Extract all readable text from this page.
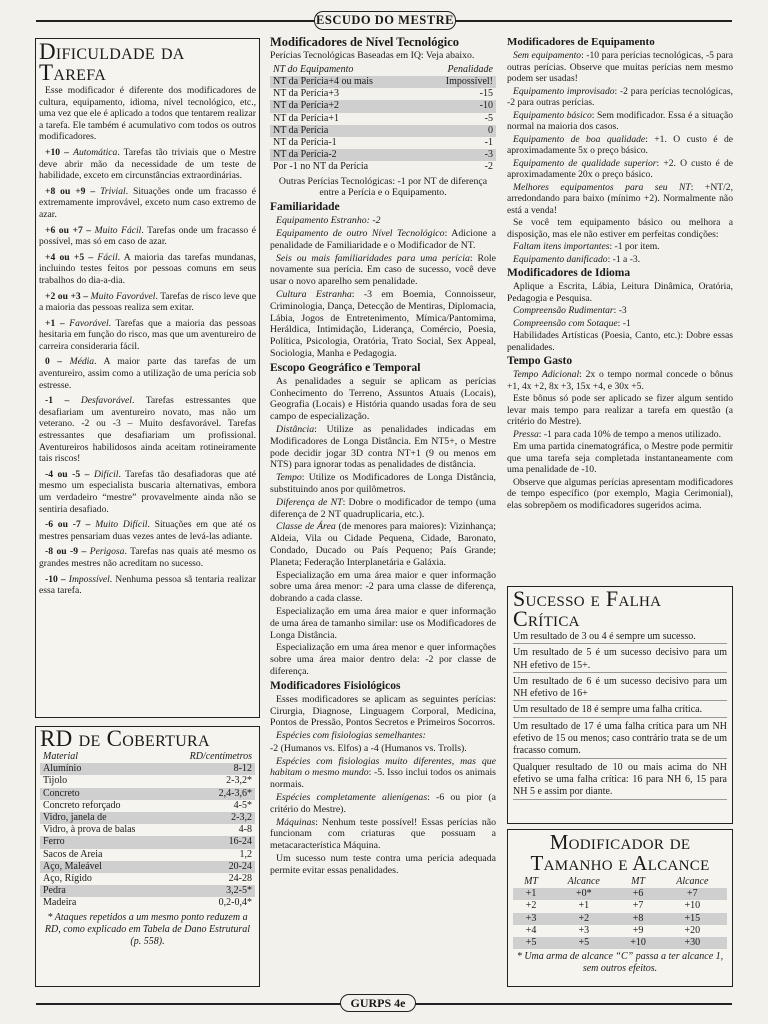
ESCUDO DO MESTRE
GURPS 4e
Dificuldade da Tarefa

Esse modificador é diferente dos modificadores de cultura, equipamento, idioma, nível tecnológico, etc., uma vez que ele é aplicado a todos que tentarem realizar a tarefa. Ele também é acumulativo com todos os outros modificadores.

+10 – Automática. Tarefas tão triviais que o Mestre deve abrir mão da necessidade de um teste de habilidade, exceto em circunstâncias extraordinárias.

+8 ou +9 – Trivial. Situações onde um fracasso é extremamente improvável, exceto num caso extremo de azar.

+6 ou +7 – Muito Fácil. Tarefas onde um fracasso é possível, mas só em caso de azar.

+4 ou +5 – Fácil. A maioria das tarefas mundanas, incluindo testes feitos por pessoas comuns em seus trabalhos do dia-a-dia.

+2 ou +3 – Muito Favorável. Tarefas de risco leve que a maioria das pessoas realiza sem exitar.

+1 – Favorável. Tarefas que a maioria das pessoas hesitaria em função do risco, mas que um aventureiro de carreira consideraria fácil.

0 – Média. A maior parte das tarefas de um aventureiro, assim como a utilização de uma perícia sob estresse.

-1 – Desfavorável. Tarefas estressantes que desafiariam um aventureiro novato, mas não um veterano. -2 ou -3 – Muito desfavorável. Tarefas estressantes que desafiariam um profissional. Aventureiros habilidosos ainda aceitam rotineiramente tais riscos!

-4 ou -5 – Difícil. Tarefas tão desafiadoras que até mesmo um especialista buscaria alternativas, embora um verdadeiro “mestre” provavelmente ainda não se sentiria desafiado.

-6 ou -7 – Muito Difícil. Situações em que até os mestres pensariam duas vezes antes de levá-las adiante.

-8 ou -9 – Perigosa. Tarefas nas quais até mesmo os grandes mestres não acreditam no sucesso.

-10 – Impossível. Nenhuma pessoa sã tentaria realizar essa tarefa.

RD de Cobertura
Material	RD/centímetros
Alumínio	8-12
Tijolo	2-3,2*
Concreto	2,4-3,6*
Concreto reforçado	4-5*
Vidro, janela de	2-3,2
Vidro, à prova de balas	4-8
Ferro	16-24
Sacos de Areia	1,2
Aço, Maleável	20-24
Aço, Rígido	24-28
Pedra	3,2-5*
Madeira	0,2-0,4*
* Ataques repetidos a um mesmo ponto reduzem a RD, como explicado em Tabela de Dano Estrutural (p. 558).
Modificadores de Nível Tecnológico
Perícias Tecnológicas Baseadas em IQ: Veja abaixo.
NT do Equipamento	Penalidade
NT da Perícia+4 ou mais	Impossível!
NT da Perícia+3	-15
NT da Perícia+2	-10
NT da Perícia+1	-5
NT da Perícia	0
NT da Perícia-1	-1
NT da Perícia-2	-3
Por -1 no NT da Perícia	-2

Outras Perícias Tecnológicas: -1 por NT de diferença entre a Perícia e o Equipamento.

Familiaridade

Equipamento Estranho: -2

Equipamento de outro Nível Tecnológico: Adicione a penalidade de Familiaridade e o Modificador de NT.

Seis ou mais familiaridades para uma perícia: Role novamente sua perícia. Em caso de sucesso, você deve usar o novo aparelho sem penalidade.

Cultura Estranha: -3 em Boemia, Connoisseur, Criminologia, Dança, Detecção de Mentiras, Diplomacia, Lábia, Jogos de Entretenimento, Mímica/Pantomima, Heráldica, Intimidação, Liderança, Comércio, Poesia, Política, Psicologia, Oratória, Trato Social, Sex Appeal, Sociologia, Manha e Pedagogia.

Escopo Geográfico e Temporal

As penalidades a seguir se aplicam as perícias Conhecimento do Terreno, Assuntos Atuais (Locais), Geografia (Locais) e História quando usadas fora de seu campo de especialização.

Distância: Utilize as penalidades indicadas em Modificadores de Longa Distância. Em NT5+, o Mestre pode decidir jogar 3D contra NT+1 (9 ou menos em NTS) para ignorar todas as penalidades de distância.

Tempo: Utilize os Modificadores de Longa Distância, substituindo anos por quilômetros.

Diferença de NT: Dobre o modificador de tempo (uma diferença de 2 NT quadruplicaria, etc.).

Classe de Área (de menores para maiores): Vizinhança; Aldeia, Vila ou Cidade Pequena, Cidade, Baronato, Condado, Ducado ou País Pequeno; País Grande; Planeta; Federação Interplanetária e Galáxia.

Especialização em uma área maior e quer informação sobre uma área menor: -2 para uma classe de diferença, dobrando a cada classe.

Especialização em uma área maior e quer informação de uma área de tamanho similar: use os Modificadores de Longa Distância.

Especialização em uma área menor e quer informações sobre uma área maior dentro dela: -2 por classe de diferença.

Modificadores Fisiológicos

Esses modificadores se aplicam as seguintes perícias: Cirurgia, Diagnose, Linguagem Corporal, Medicina, Pontos de Pressão, Pontos Secretos e Primeiros Socorros.

Espécies com fisiologias semelhantes:

-2 (Humanos vs. Elfos) a -4 (Humanos vs. Trolls).

Espécies com fisiologias muito diferentes, mas que habitam o mesmo mundo: -5. Isso inclui todos os animais normais.

Espécies completamente alienígenas: -6 ou pior (a critério do Mestre).

Máquinas: Nenhum teste possível! Essas perícias não funcionam com criaturas que possuam a metacaracterística Máquina.

Um sucesso num teste contra uma perícia adequada permite evitar essas penalidades.

Modificadores de Equipamento

Sem equipamento: -10 para perícias tecnológicas, -5 para outras perícias. Observe que muitas perícias nem mesmo podem ser usadas!

Equipamento improvisado: -2 para perícias tecnológicas, -2 para outras perícias.

Equipamento básico: Sem modificador. Essa é a situação normal na maioria dos casos.

Equipamento de boa qualidade: +1. O custo é de aproximadamente 5x o preço básico.

Equipamento de qualidade superior: +2. O custo é de aproximadamente 20x o preço básico.

Melhores equipamentos para seu NT: +NT/2, arredondando para baixo (mínimo +2). Normalmente não está a venda!

Se você tem equipamento básico ou melhora a disposição, mas ele não estiver em perfeitas condições:

Faltam itens importantes: -1 por item.

Equipamento danificado: -1 a -3.

Modificadores de Idioma

Aplique a Escrita, Lábia, Leitura Dinâmica, Oratória, Pedagogia e Pesquisa.

Compreensão Rudimentar: -3

Compreensão com Sotaque: -1

Habilidades Artísticas (Poesia, Canto, etc.): Dobre essas penalidades.

Tempo Gasto

Tempo Adicional: 2x o tempo normal concede o bônus +1, 4x +2, 8x +3, 15x +4, e 30x +5.

Este bônus só pode ser aplicado se fizer algum sentido levar mais tempo para realizar a tarefa em questão (a critério do Mestre).

Pressa: -1 para cada 10% de tempo a menos utilizado.

Em uma partida cinematográfica, o Mestre pode permitir que uma tarefa seja completada instantaneamente com uma penalidade de -10.

Observe que algumas perícias apresentam modificadores de tempo específico (por exemplo, Magia Cerimonial), elas sobrepõem os modificadores sugeridos acima.

Sucesso e Falha Crítica

Um resultado de 3 ou 4 é sempre um sucesso.

Um resultado de 5 é um sucesso decisivo para um NH efetivo de 15+.

Um resultado de 6 é um sucesso decisivo para um NH efetivo de 16+

Um resultado de 18 é sempre uma falha crítica.

Um resultado de 17 é uma falha crítica para um NH efetivo de 15 ou menos; caso contrário trata se de um fracasso comum.

Qualquer resultado de 10 ou mais acima do NH efetivo se uma falha crítica: 16 para NH 6, 15 para NH 5 e assim por diante.

Modificador de Tamanho e Alcance
MT	Alcance	MT	Alcance
+1	+0*	+6	+7
+2	+1	+7	+10
+3	+2	+8	+15
+4	+3	+9	+20
+5	+5	+10	+30
* Uma arma de alcance “C” passa a ter alcance 1, sem outros efeitos.
